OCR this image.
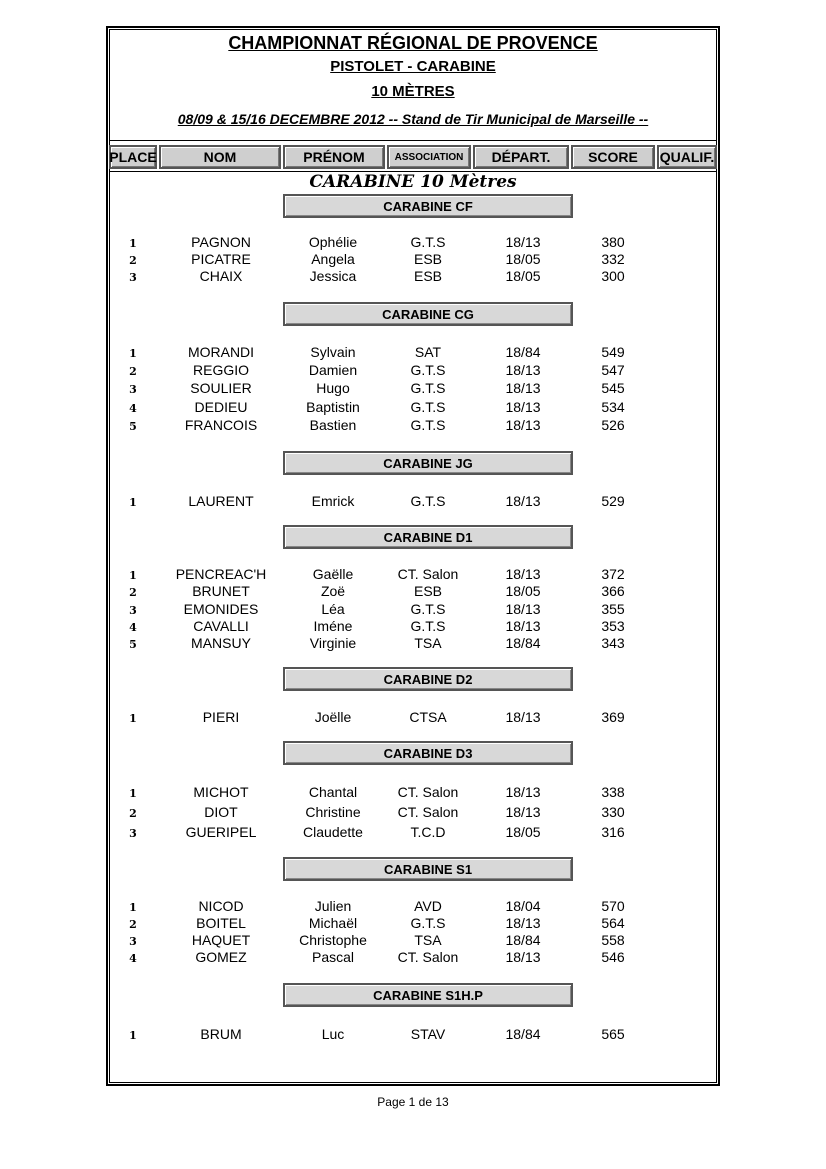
CHAMPIONNAT RÉGIONAL DE PROVENCE
PISTOLET - CARABINE
10 MÈTRES
08/09 & 15/16 DECEMBRE 2012 -- Stand de Tir Municipal de Marseille --
PLACE	NOM	PRÉNOM	ASSOCIATION	DÉPART.	SCORE	QUALIF.
CARABINE 10 Mètres
CARABINE CF
1	PAGNON	Ophélie	G.T.S	18/13	380
2	PICATRE	Angela	ESB	18/05	332
3	CHAIX	Jessica	ESB	18/05	300
CARABINE CG
1	MORANDI	Sylvain	SAT	18/84	549
2	REGGIO	Damien	G.T.S	18/13	547
3	SOULIER	Hugo	G.T.S	18/13	545
4	DEDIEU	Baptistin	G.T.S	18/13	534
5	FRANCOIS	Bastien	G.T.S	18/13	526
CARABINE JG
1	LAURENT	Emrick	G.T.S	18/13	529
CARABINE D1
1	PENCREAC'H	Gaëlle	CT. Salon	18/13	372
2	BRUNET	Zoë	ESB	18/05	366
3	EMONIDES	Léa	G.T.S	18/13	355
4	CAVALLI	Iméne	G.T.S	18/13	353
5	MANSUY	Virginie	TSA	18/84	343
CARABINE D2
1	PIERI	Joëlle	CTSA	18/13	369
CARABINE D3
1	MICHOT	Chantal	CT. Salon	18/13	338
2	DIOT	Christine	CT. Salon	18/13	330
3	GUERIPEL	Claudette	T.C.D	18/05	316
CARABINE S1
1	NICOD	Julien	AVD	18/04	570
2	BOITEL	Michaël	G.T.S	18/13	564
3	HAQUET	Christophe	TSA	18/84	558
4	GOMEZ	Pascal	CT. Salon	18/13	546
CARABINE S1H.P
1	BRUM	Luc	STAV	18/84	565
Page 1 de 13
